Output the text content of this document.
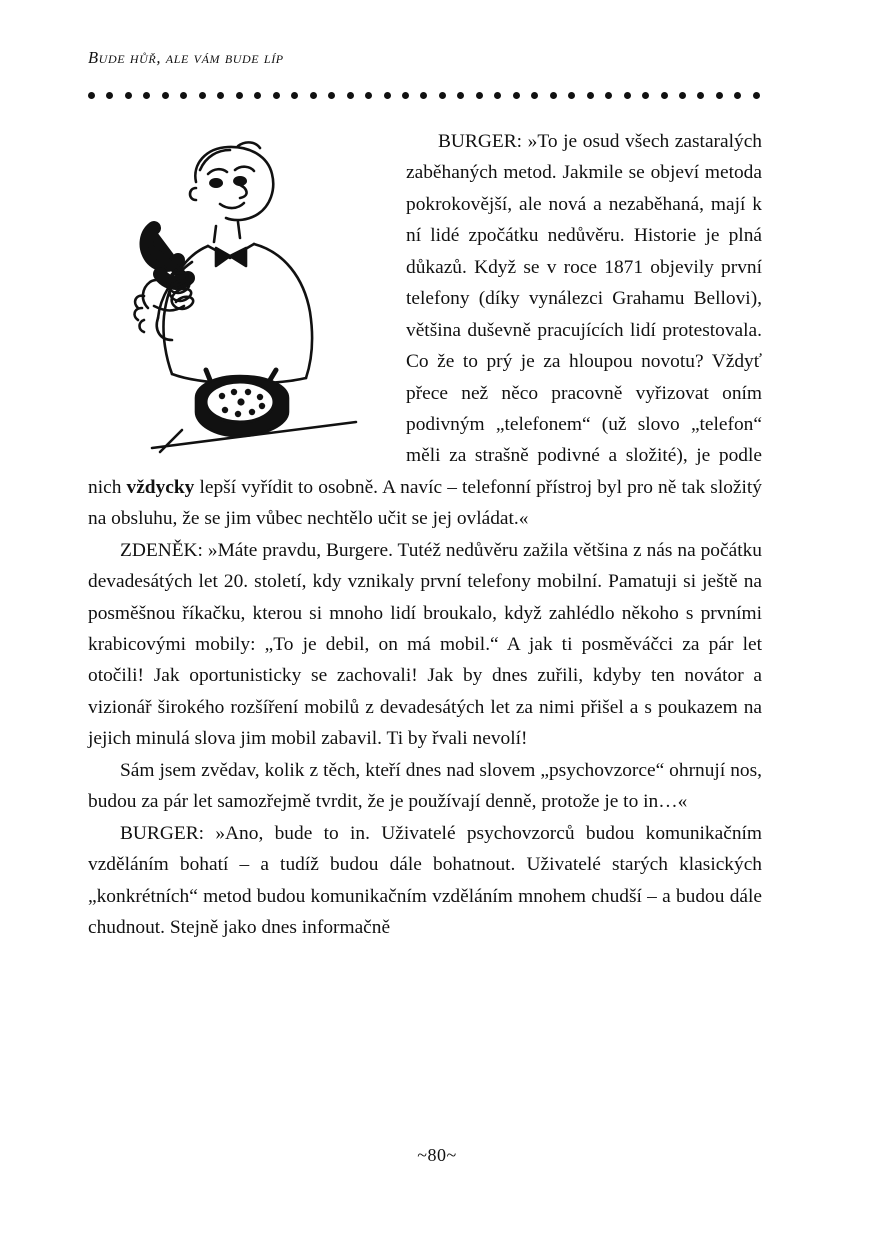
Bude hůř, ale vám bude líp

BURGER: »To je osud všech zastaralých zaběhaných metod. Jakmile se objeví metoda pokrokovější, ale nová a nezaběhaná, mají k ní lidé zpočátku nedůvěru. Historie je plná důkazů. Když se v roce 1871 objevily první telefony (díky vynálezci Grahamu Bellovi), většina duševně pracujících lidí protestovala. Co že to prý je za hloupou novotu? Vždyť přece než něco pracovně vyřizovat oním podivným „telefonem“ (už slovo „telefon“ měli za strašně podivné a složité), je podle nich vždycky lepší vyřídit to osobně. A navíc – telefonní přístroj byl pro ně tak složitý na obsluhu, že se jim vůbec nechtělo učit se jej ovládat.«

ZDENĚK: »Máte pravdu, Burgere. Tutéž nedůvěru zažila většina z nás na počátku devadesátých let 20. století, kdy vznikaly první telefony mobilní. Pamatuji si ještě na posměšnou říkačku, kterou si mnoho lidí broukalo, když zahlédlo někoho s prvními krabicovými mobily: „To je debil, on má mobil.“ A jak ti posměváčci za pár let otočili! Jak oportunisticky se zachovali! Jak by dnes zuřili, kdyby ten novátor a vizionář širokého rozšíření mobilů z devadesátých let za nimi přišel a s poukazem na jejich minulá slova jim mobil zabavil. Ti by řvali nevolí!

Sám jsem zvědav, kolik z těch, kteří dnes nad slovem „psychovzorce“ ohrnují nos, budou za pár let samozřejmě tvrdit, že je používají denně, protože je to in…«

BURGER: »Ano, bude to in. Uživatelé psychovzorců budou komunikačním vzděláním bohatí – a tudíž budou dále bohatnout. Uživatelé starých klasických „konkrétních“ metod budou komunikačním vzděláním mnohem chudší – a budou dále chudnout. Stejně jako dnes informačně

~80~
